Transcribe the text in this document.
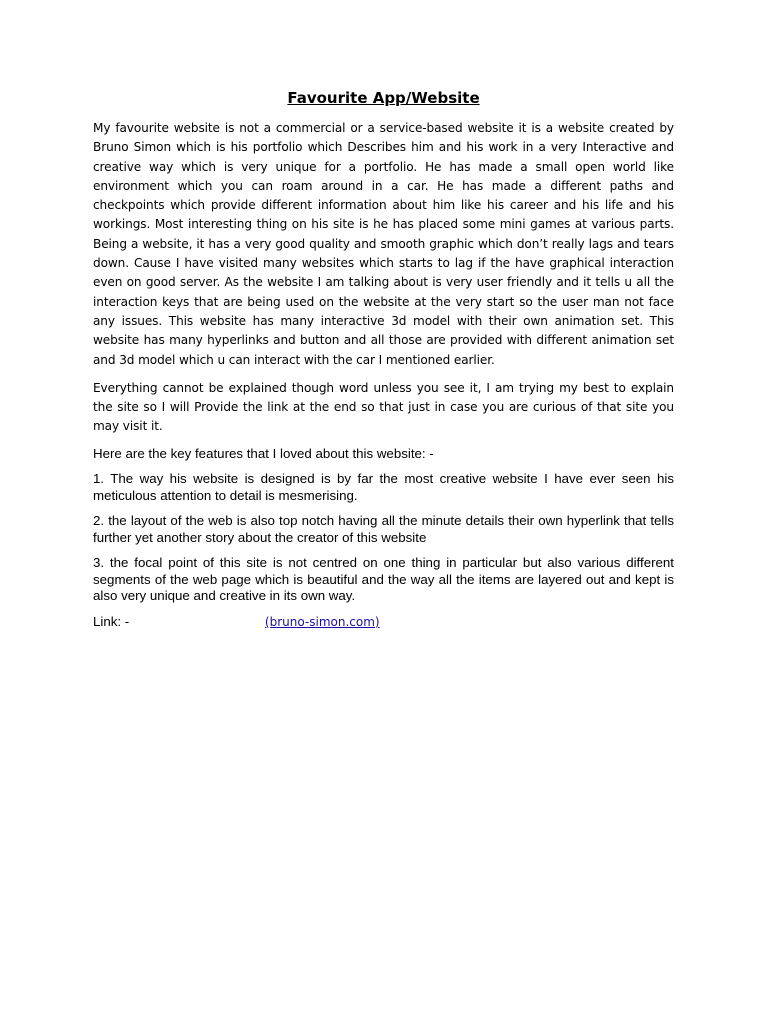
Favourite App/Website

My favourite website is not a commercial or a service-based website it is a website created by Bruno Simon which is his portfolio which Describes him and his work in a very Interactive and creative way which is very unique for a portfolio. He has made a small open world like environment which you can roam around in a car. He has made a different paths and checkpoints which provide different information about him like his career and his life and his workings. Most interesting thing on his site is he has placed some mini games at various parts. Being a website, it has a very good quality and smooth graphic which don’t really lags and tears down. Cause I have visited many websites which starts to lag if the have graphical interaction even on good server. As the website I am talking about is very user friendly and it tells u all the interaction keys that are being used on the website at the very start so the user man not face any issues. This website has many interactive 3d model with their own animation set. This website has many hyperlinks and button and all those are provided with different animation set and 3d model which u can interact with the car I mentioned earlier.

Everything cannot be explained though word unless you see it, I am trying my best to explain the site so I will Provide the link at the end so that just in case you are curious of that site you may visit it.

Here are the key features that I loved about this website: -

1. The way his website is designed is by far the most creative website I have ever seen his meticulous attention to detail is mesmerising.

2. the layout of the web is also top notch having all the minute details their own hyperlink that tells further yet another story about the creator of this website

3. the focal point of this site is not centred on one thing in particular but also various different segments of the web page which is beautiful and the way all the items are layered out and kept is also very unique and creative in its own way.

Link: -	(bruno-simon.com)
